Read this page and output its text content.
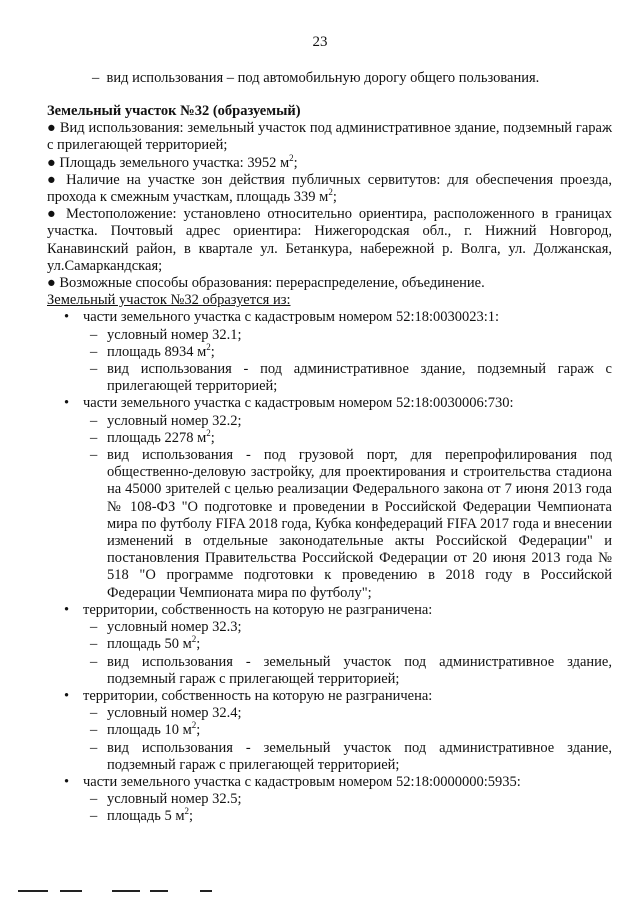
23
–  вид использования – под автомобильную дорогу общего пользования.

Земельный участок №32 (образуемый)

● Вид использования: земельный участок под административное здание, подземный гараж с прилегающей территорией;

● Площадь земельного участка: 3952 $м^2$;

● Наличие на участке зон действия публичных сервитутов: для обеспечения проезда, прохода к смежным участкам, площадь 339 $м^2$;

● Местоположение: установлено относительно ориентира, расположенного в границах участка. Почтовый адрес ориентира: Нижегородская обл., г. Нижний Новгород, Канавинский район, в квартале ул. Бетанкура, набережной р. Волга, ул. Должанская, ул.Самаркандская;

● Возможные способы образования: перераспределение, объединение.

Земельный участок №32 образуется из:

• части земельного участка с кадастровым номером 52:18:0030023:1:

– условный номер 32.1;

– площадь 8934 $м^2$;

– вид использования - под административное здание, подземный гараж с прилегающей территорией;

• части земельного участка с кадастровым номером 52:18:0030006:730:

– условный номер 32.2;

– площадь 2278 $м^2$;

– вид использования - под грузовой порт, для перепрофилирования под общественно-деловую застройку, для проектирования и строительства стадиона на 45000 зрителей с целью реализации Федерального закона от 7 июня 2013 года № 108-ФЗ "О подготовке и проведении в Российской Федерации Чемпионата мира по футболу FIFA 2018 года, Кубка конфедераций FIFA 2017 года и внесении изменений в отдельные законодательные акты Российской Федерации" и постановления Правительства Российской Федерации от 20 июня 2013 года № 518 "О программе подготовки к проведению в 2018 году в Российской Федерации Чемпионата мира по футболу";

• территории, собственность на которую не разграничена:

– условный номер 32.3;

– площадь 50 $м^2$;

– вид использования - земельный участок под административное здание, подземный гараж с прилегающей территорией;

• территории, собственность на которую не разграничена:

– условный номер 32.4;

– площадь 10 $м^2$;

– вид использования - земельный участок под административное здание, подземный гараж с прилегающей территорией;

• части земельного участка с кадастровым номером 52:18:0000000:5935:

– условный номер 32.5;

– площадь 5 $м^2$;
